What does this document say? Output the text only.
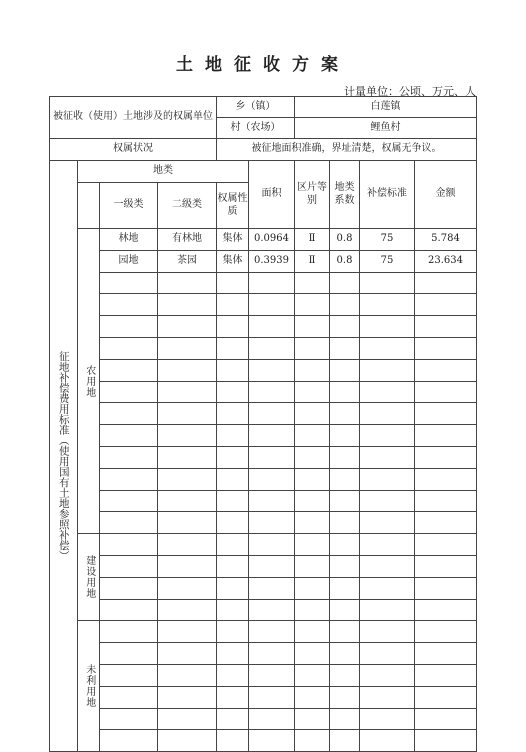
土地征收方案
计量单位：公顷、万元、人
被征收（使用）土地涉及的权属单位				乡（镇）		白莲镇			
				村（农场）		鲤鱼村			
权属状况				被征地面积准确，界址清楚，权属无争议。					
征地补偿费用标准（使用国有土地参照补偿）	地类				面积	区片等别	地类系数	补偿标准	金额
		一级类	二级类	权属性质					
	农用地	林地	有林地	集体	0.0964	Ⅱ	0.8	75	5.784
		园地	茶园	集体	0.3939	Ⅱ	0.8	75	23.634

	建设用地								

	未利用地								
